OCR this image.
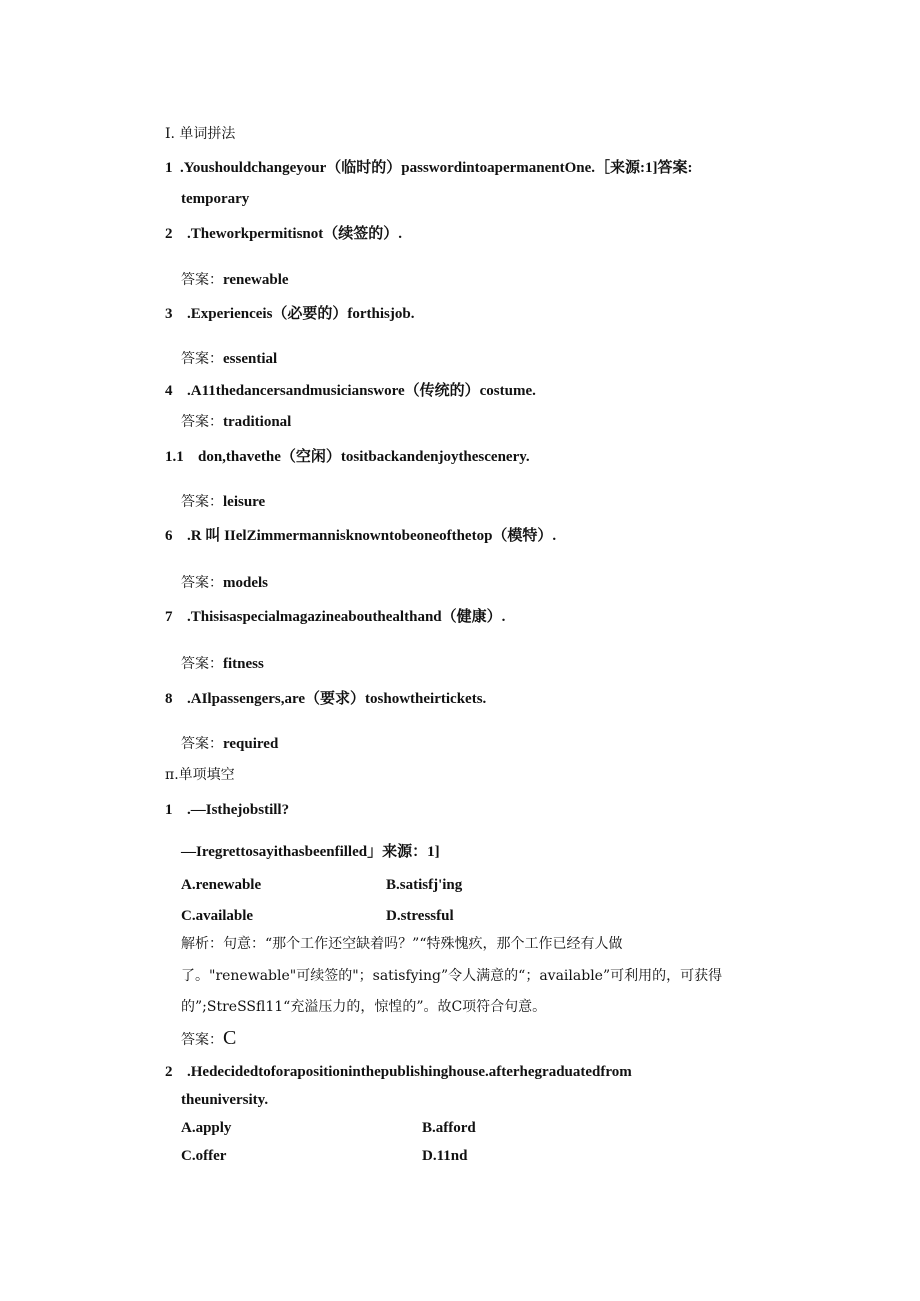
I. 单词拼法
1 .Youshouldchangeyour（临时的）passwordintoapermanentOne.［来源:1]答案:
temporary
2 .Theworkpermitisnot（续签的）.
答案：renewable
3 .Experienceis（必要的）forthisjob.
答案：essential
4 .A11thedancersandmusicianswore（传统的）costume.
答案：traditional
1.1 don,thavethe（空闲）tositbackandenjoythescenery.
答案：leisure
6 .R 叫 IIelZimmermannisknowntobeoneofthetop（模特）.
答案：models
7 .Thisisaspecialmagazineabouthealthand（健康）.
答案：fitness
8 .AIlpassengers,are（要求）toshowtheirtickets.
答案：required
π.单项填空
1 .—Isthejobstill?
—Iregrettosayithasbeenfilled」来源：1]
A.renewable	B.satisfj'ing
C.available	D.stressful
解析：句意：“那个工作还空缺着吗？”“特殊愧疚，那个工作已经有人做
了。"renewable"可续签的"；satisfying”令人满意的“；available”可利用的，可获得
的”;StreSSfl11“充溢压力的，惊惶的”。故C项符合句意。
答案：C
2 .Hedecidedtoforapositioninthepublishinghouse.afterhegraduatedfrom
theuniversity.
A.apply	B.afford
C.offer	D.11nd
